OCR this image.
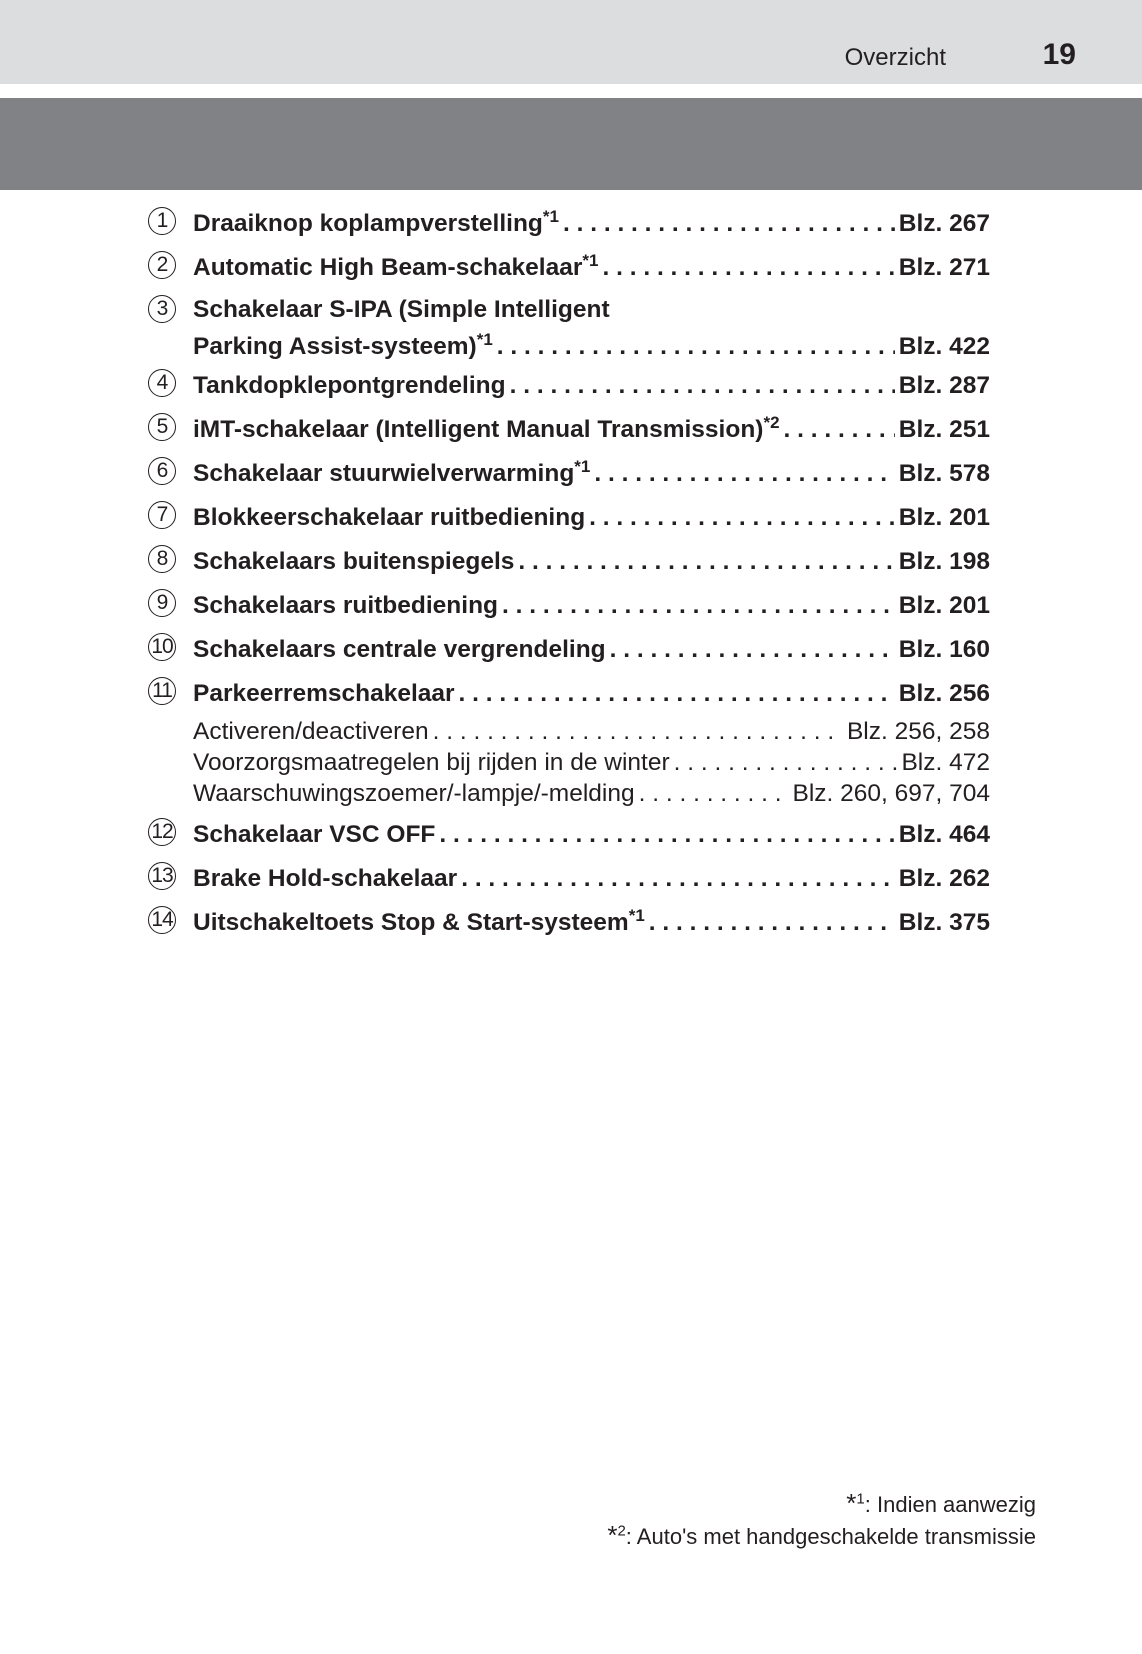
Overzicht	19
1	Draaiknop koplampverstelling$^{*1}$ . . .	Blz. 267
2	Automatic High Beam-schakelaar$^{*1}$ . . .	Blz. 271
3	Schakelaar S-IPA (Simple Intelligent
Parking Assist-systeem)$^{*1}$ . . .	Blz. 422
4	Tankdopklepontgrendeling . . .	Blz. 287
5	iMT-schakelaar (Intelligent Manual Transmission)$^{*2}$ . . .	Blz. 251
6	Schakelaar stuurwielverwarming$^{*1}$ . . .	Blz. 578
7	Blokkeerschakelaar ruitbediening . . .	Blz. 201
8	Schakelaars buitenspiegels . . .	Blz. 198
9	Schakelaars ruitbediening . . .	Blz. 201
10 Schakelaars centrale vergrendeling . . .	Blz. 160
11 Parkeerremschakelaar . . .	Blz. 256
Activeren/deactiveren . . .	Blz. 256, 258
Voorzorgsmaatregelen bij rijden in de winter . . .	Blz. 472
Waarschuwingszoemer/-lampje/-melding . . .	Blz. 260, 697, 704
12 Schakelaar VSC OFF . . .	Blz. 464
13 Brake Hold-schakelaar . . .	Blz. 262
14 Uitschakeltoets Stop & Start-systeem$^{*1}$ . . .	Blz. 375
*$^1$: Indien aanwezig
*$^2$: Auto's met handgeschakelde transmissie
